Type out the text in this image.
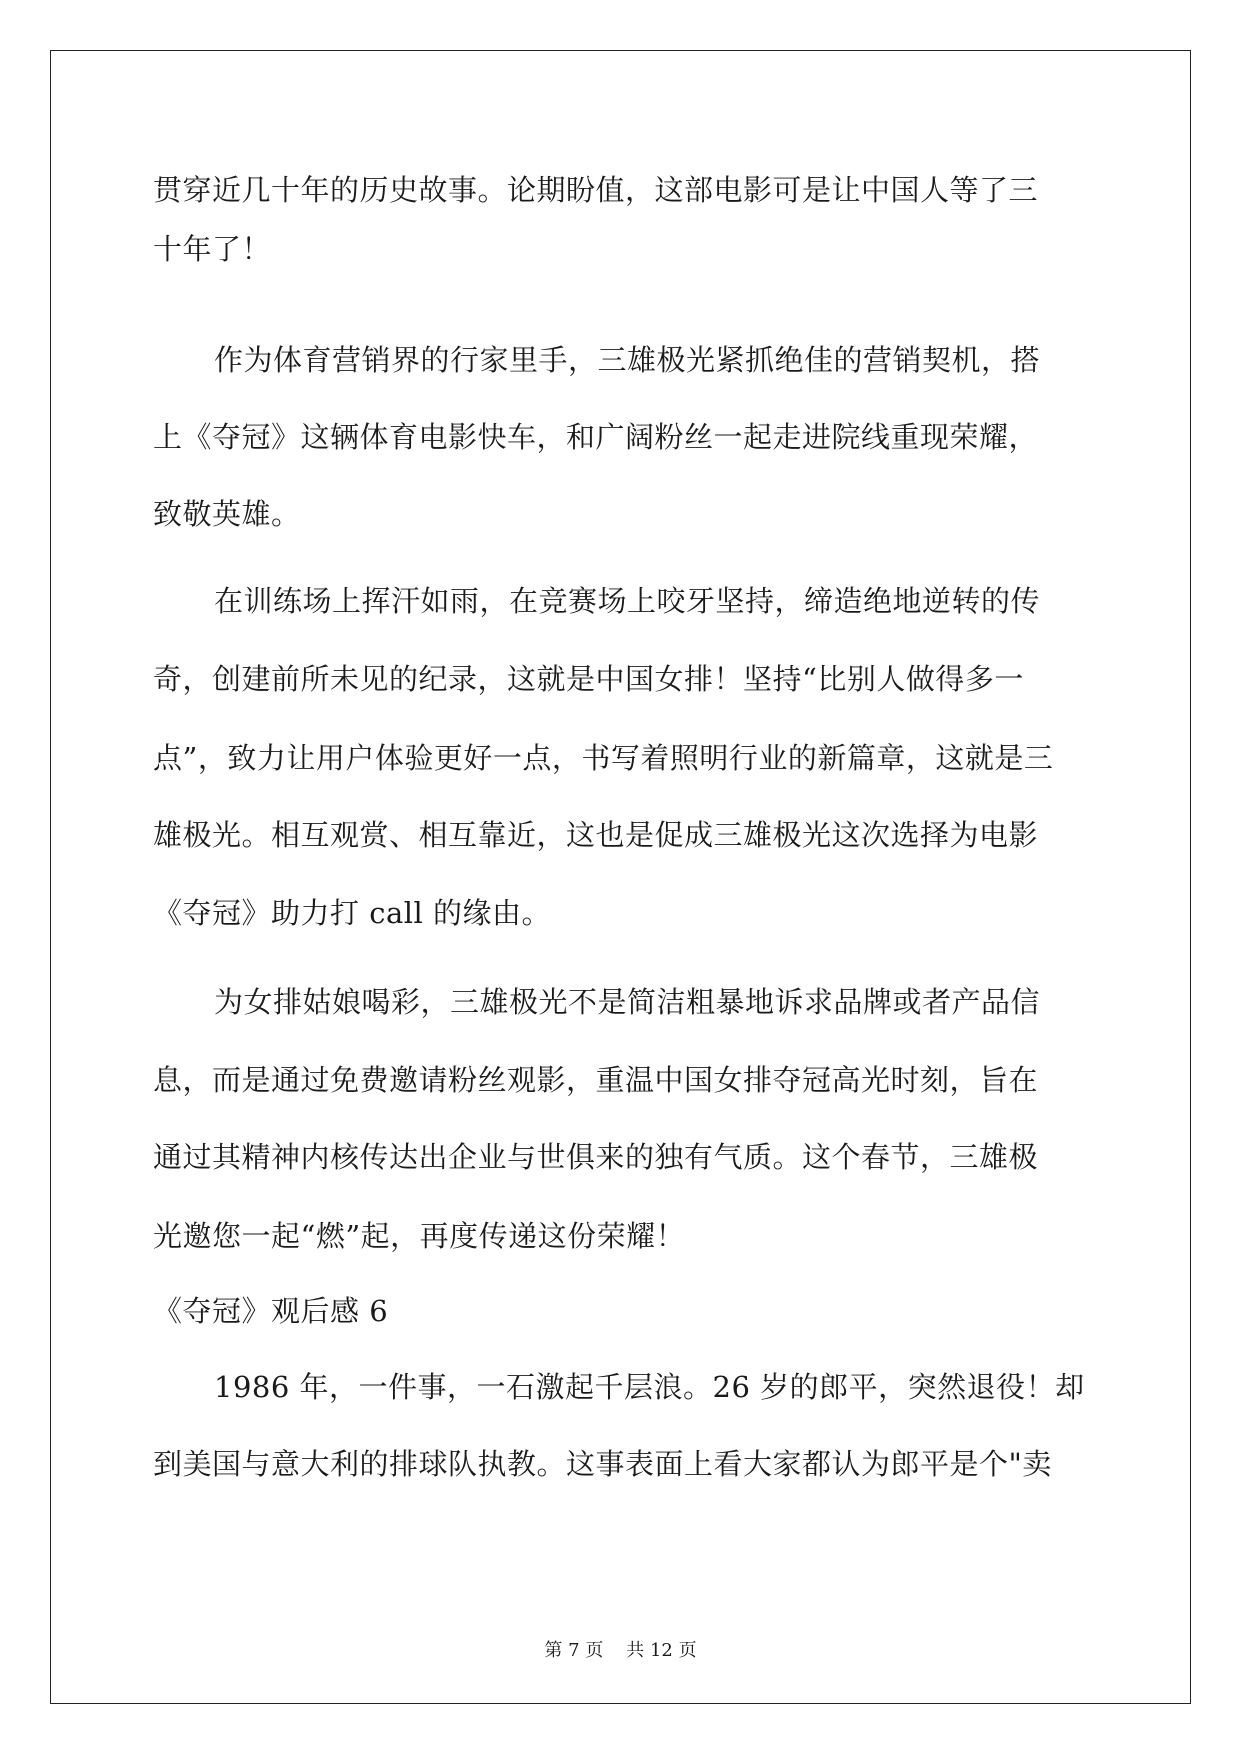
贯穿近几十年的历史故事。论期盼值，这部电影可是让中国人等了三
十年了！
作为体育营销界的行家里手，三雄极光紧抓绝佳的营销契机，搭
上《夺冠》这辆体育电影快车，和广阔粉丝一起走进院线重现荣耀，
致敬英雄。
在训练场上挥汗如雨，在竞赛场上咬牙坚持，缔造绝地逆转的传
奇，创建前所未见的纪录，这就是中国女排！坚持“比别人做得多一
点”，致力让用户体验更好一点，书写着照明行业的新篇章，这就是三
雄极光。相互观赏、相互靠近，这也是促成三雄极光这次选择为电影
《夺冠》助力打 call 的缘由。
为女排姑娘喝彩，三雄极光不是简洁粗暴地诉求品牌或者产品信
息，而是通过免费邀请粉丝观影，重温中国女排夺冠高光时刻，旨在
通过其精神内核传达出企业与世俱来的独有气质。这个春节，三雄极
光邀您一起“燃”起，再度传递这份荣耀！
《夺冠》观后感 6
1986 年，一件事，一石激起千层浪。26 岁的郎平，突然退役！却
到美国与意大利的排球队执教。这事表面上看大家都认为郎平是个"卖
第 7 页 共 12 页
